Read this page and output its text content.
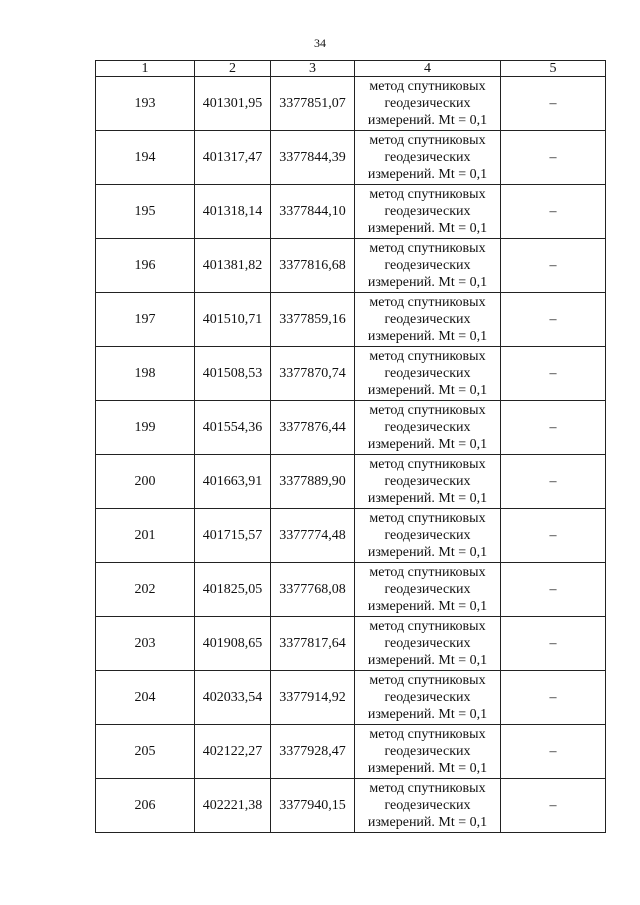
34
1	2	3	4	5
193	401301,95	3377851,07	метод спутниковых
геодезических
измерений. Mt = 0,1	–
194	401317,47	3377844,39	метод спутниковых
геодезических
измерений. Mt = 0,1	–
195	401318,14	3377844,10	метод спутниковых
геодезических
измерений. Mt = 0,1	–
196	401381,82	3377816,68	метод спутниковых
геодезических
измерений. Mt = 0,1	–
197	401510,71	3377859,16	метод спутниковых
геодезических
измерений. Mt = 0,1	–
198	401508,53	3377870,74	метод спутниковых
геодезических
измерений. Mt = 0,1	–
199	401554,36	3377876,44	метод спутниковых
геодезических
измерений. Mt = 0,1	–
200	401663,91	3377889,90	метод спутниковых
геодезических
измерений. Mt = 0,1	–
201	401715,57	3377774,48	метод спутниковых
геодезических
измерений. Mt = 0,1	–
202	401825,05	3377768,08	метод спутниковых
геодезических
измерений. Mt = 0,1	–
203	401908,65	3377817,64	метод спутниковых
геодезических
измерений. Mt = 0,1	–
204	402033,54	3377914,92	метод спутниковых
геодезических
измерений. Mt = 0,1	–
205	402122,27	3377928,47	метод спутниковых
геодезических
измерений. Mt = 0,1	–
206	402221,38	3377940,15	метод спутниковых
геодезических
измерений. Mt = 0,1	–
